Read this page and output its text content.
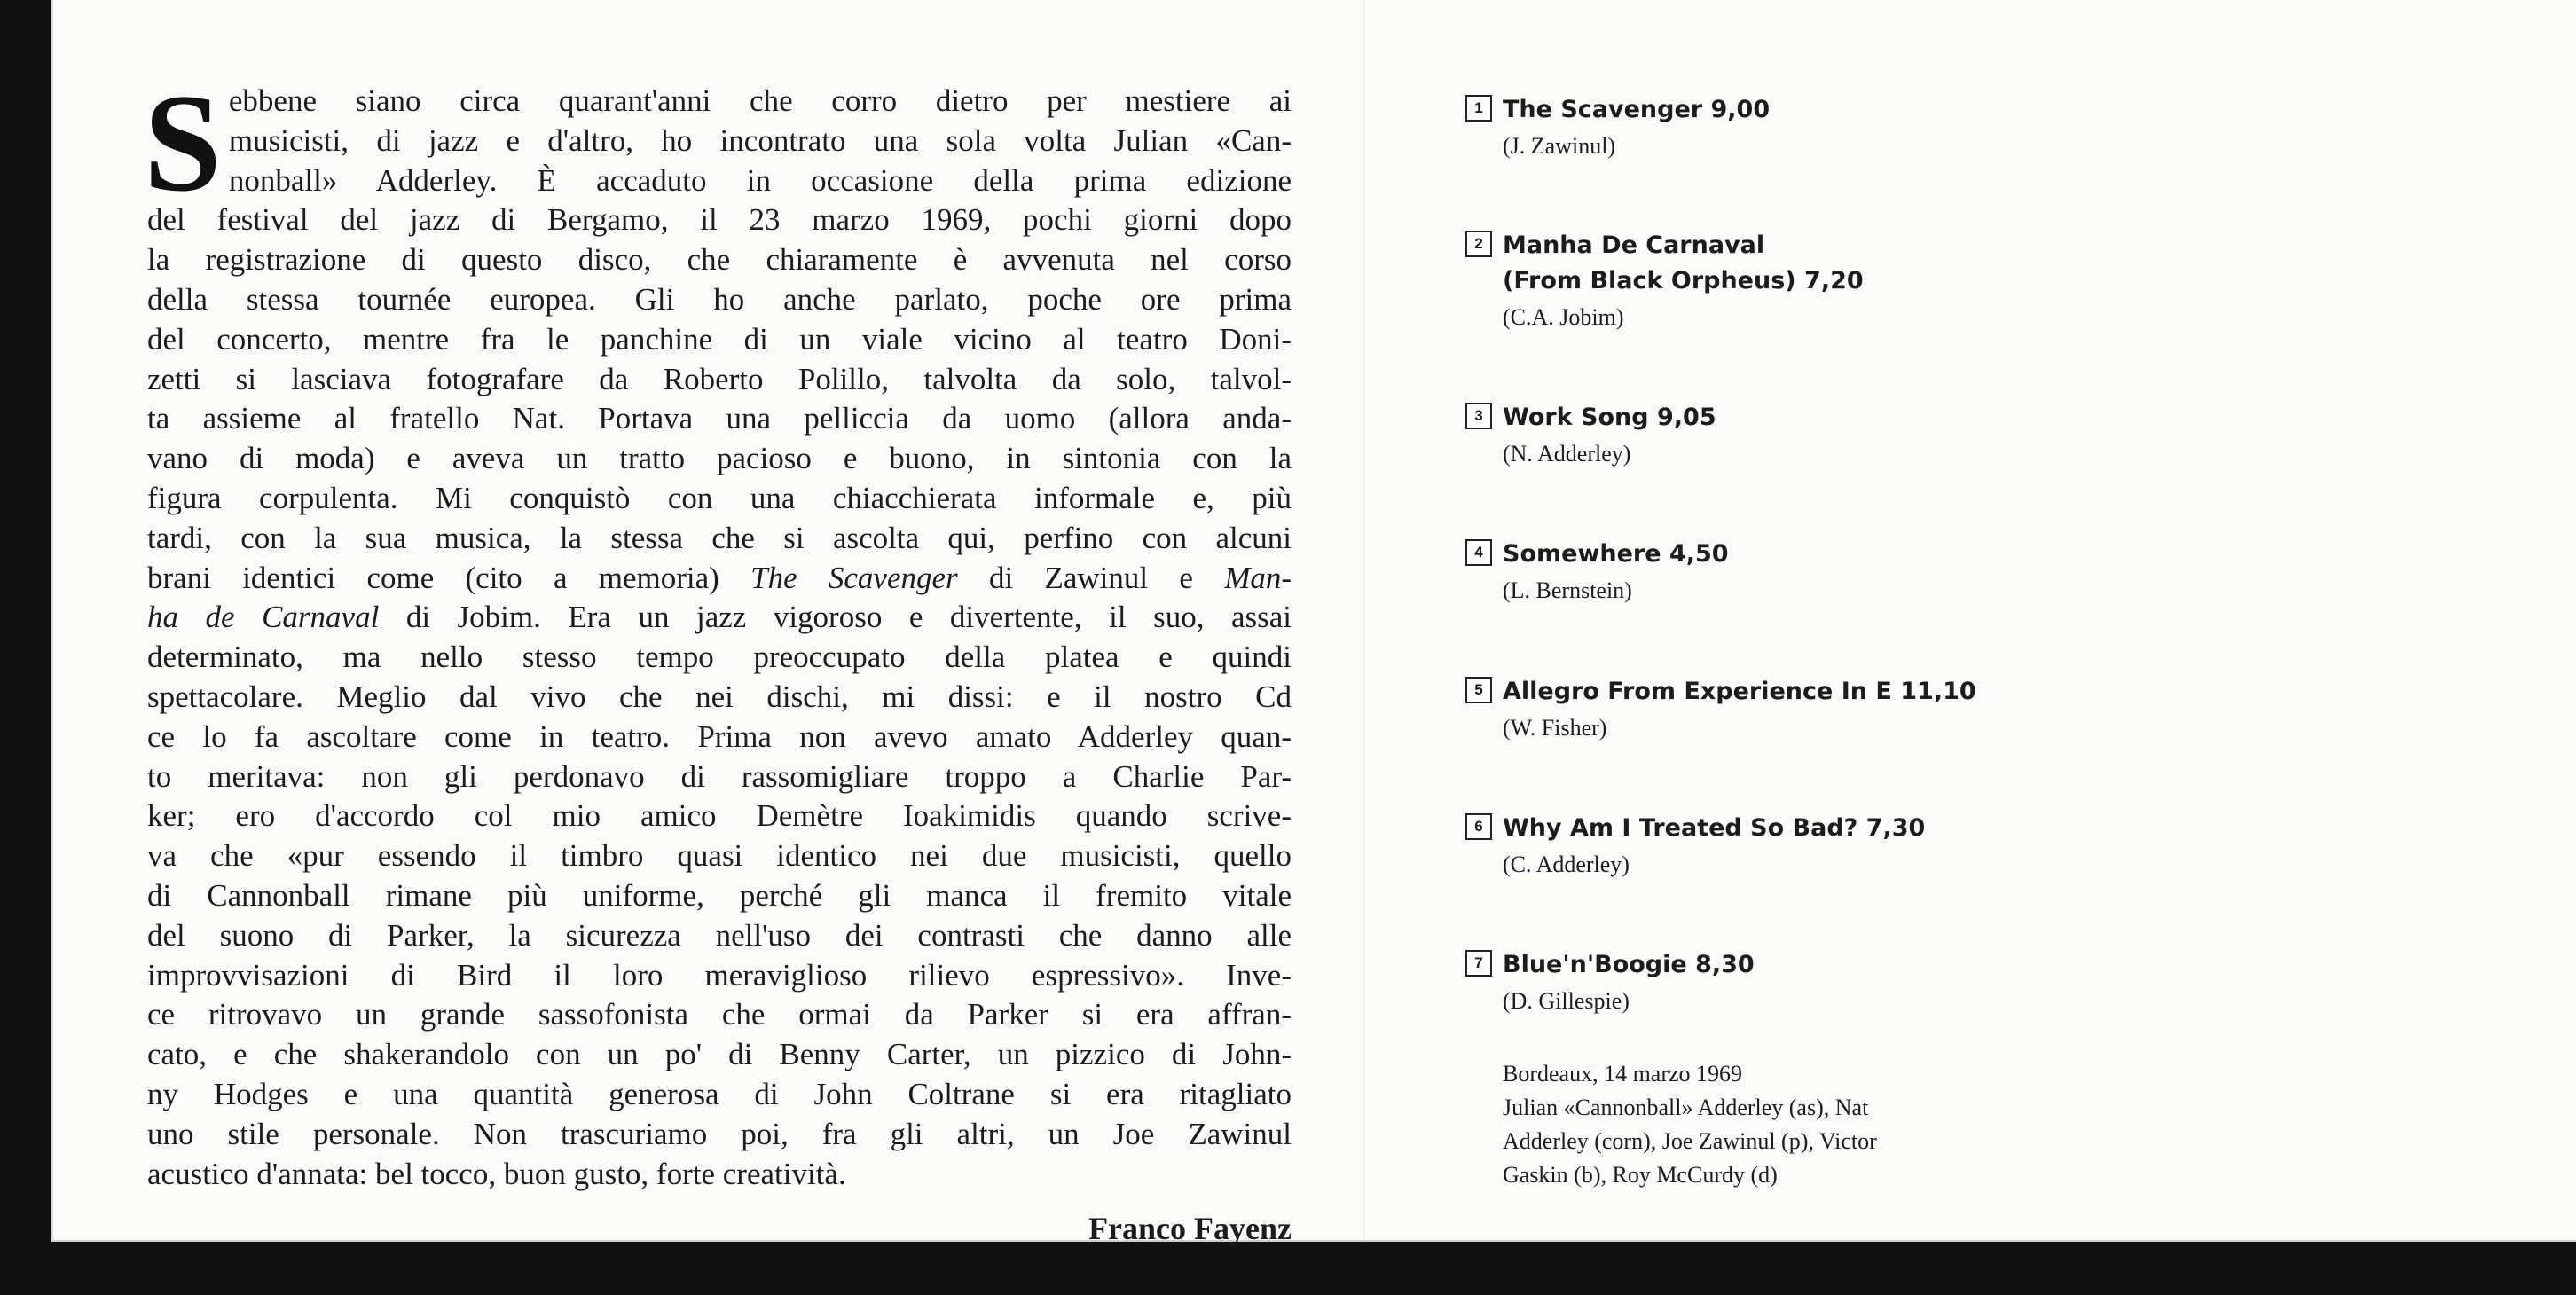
S ebbene siano circa quarant'anni che corro dietro per mestiere ai
musicisti, di jazz e d'altro, ho incontrato una sola volta Julian «Can-
nonball» Adderley. È accaduto in occasione della prima edizione
del festival del jazz di Bergamo, il 23 marzo 1969, pochi giorni dopo
la registrazione di questo disco, che chiaramente è avvenuta nel corso
della stessa tournée europea. Gli ho anche parlato, poche ore prima
del concerto, mentre fra le panchine di un viale vicino al teatro Doni-
zetti si lasciava fotografare da Roberto Polillo, talvolta da solo, talvol-
ta assieme al fratello Nat. Portava una pelliccia da uomo (allora anda-
vano di moda) e aveva un tratto pacioso e buono, in sintonia con la
figura corpulenta. Mi conquistò con una chiacchierata informale e, più
tardi, con la sua musica, la stessa che si ascolta qui, perfino con alcuni
brani identici come (cito a memoria) The Scavenger di Zawinul e Man-
ha de Carnaval di Jobim. Era un jazz vigoroso e divertente, il suo, assai
determinato, ma nello stesso tempo preoccupato della platea e quindi
spettacolare. Meglio dal vivo che nei dischi, mi dissi: e il nostro Cd
ce lo fa ascoltare come in teatro. Prima non avevo amato Adderley quan-
to meritava: non gli perdonavo di rassomigliare troppo a Charlie Par-
ker; ero d'accordo col mio amico Demètre Ioakimidis quando scrive-
va che «pur essendo il timbro quasi identico nei due musicisti, quello
di Cannonball rimane più uniforme, perché gli manca il fremito vitale
del suono di Parker, la sicurezza nell'uso dei contrasti che danno alle
improvvisazioni di Bird il loro meraviglioso rilievo espressivo». Inve-
ce ritrovavo un grande sassofonista che ormai da Parker si era affran-
cato, e che shakerandolo con un po' di Benny Carter, un pizzico di John-
ny Hodges e una quantità generosa di John Coltrane si era ritagliato
uno stile personale. Non trascuriamo poi, fra gli altri, un Joe Zawinul
acustico d'annata: bel tocco, buon gusto, forte creatività.
Franco Fayenz
1 The Scavenger 9,00
(J. Zawinul)
2 Manha De Carnaval
(From Black Orpheus) 7,20
(C.A. Jobim)
3 Work Song 9,05
(N. Adderley)
4 Somewhere 4,50
(L. Bernstein)
5 Allegro From Experience In E 11,10
(W. Fisher)
6 Why Am I Treated So Bad? 7,30
(C. Adderley)
7 Blue'n'Boogie 8,30
(D. Gillespie)
Bordeaux, 14 marzo 1969
Julian «Cannonball» Adderley (as), Nat
Adderley (corn), Joe Zawinul (p), Victor
Gaskin (b), Roy McCurdy (d)
